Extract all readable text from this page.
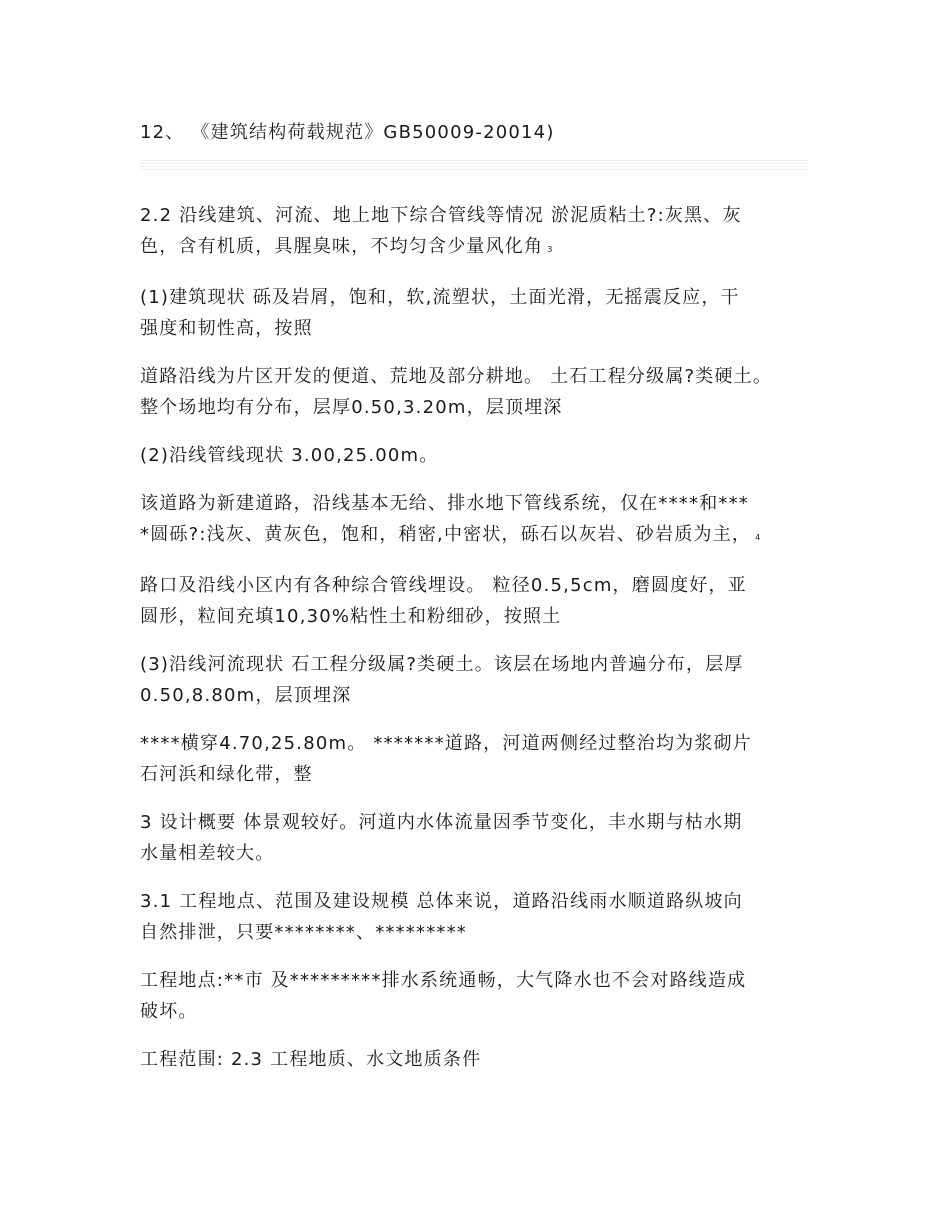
12、 《建筑结构荷载规范》GB50009-20014)

2.2 沿线建筑、河流、地上地下综合管线等情况 淤泥质粘土?:灰黑、灰
色，含有机质，具腥臭味，不均匀含少量风化角 3

(1)建筑现状 砾及岩屑，饱和，软,流塑状，土面光滑，无摇震反应，干
强度和韧性高，按照

道路沿线为片区开发的便道、荒地及部分耕地。 土石工程分级属?类硬土。
整个场地均有分布，层厚0.50,3.20m，层顶埋深

(2)沿线管线现状 3.00,25.00m。

该道路为新建道路，沿线基本无给、排水地下管线系统，仅在****和***
*圆砾?:浅灰、黄灰色，饱和，稍密,中密状，砾石以灰岩、砂岩质为主， 4

路口及沿线小区内有各种综合管线埋设。 粒径0.5,5cm，磨圆度好，亚
圆形，粒间充填10,30%粘性土和粉细砂，按照土

(3)沿线河流现状 石工程分级属?类硬土。该层在场地内普遍分布，层厚
0.50,8.80m，层顶埋深

****横穿4.70,25.80m。 *******道路，河道两侧经过整治均为浆砌片
石河浜和绿化带，整

3 设计概要 体景观较好。河道内水体流量因季节变化，丰水期与枯水期
水量相差较大。

3.1 工程地点、范围及建设规模 总体来说，道路沿线雨水顺道路纵坡向
自然排泄，只要********、*********

工程地点:**市 及*********排水系统通畅，大气降水也不会对路线造成
破坏。

工程范围: 2.3 工程地质、水文地质条件
